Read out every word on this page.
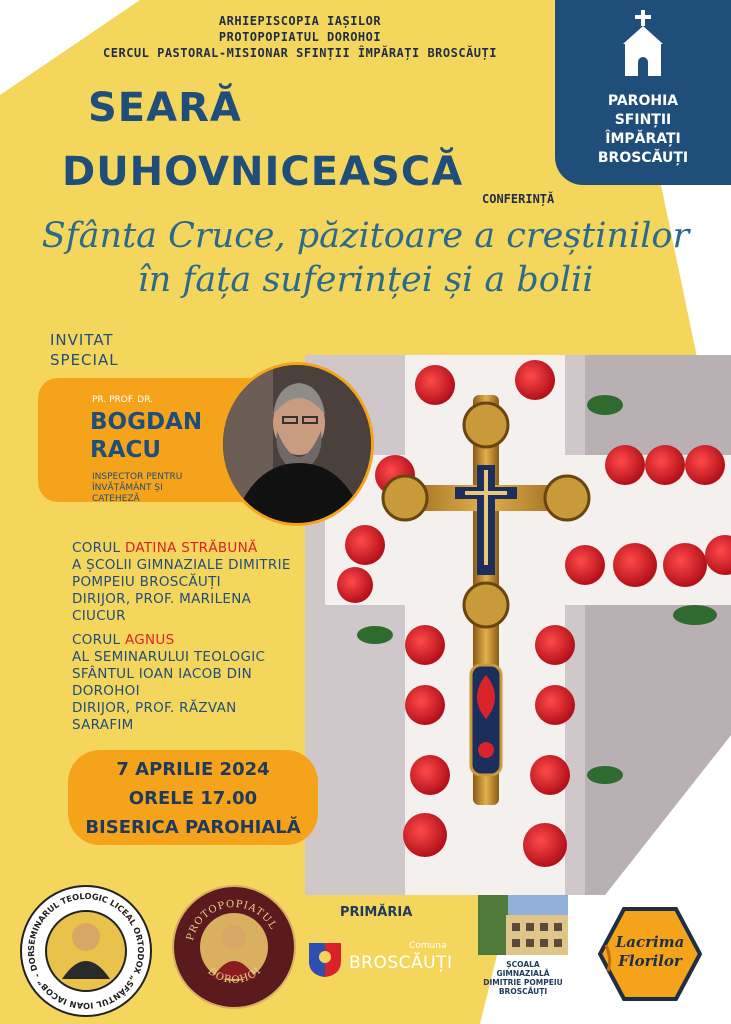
ARHIEPISCOPIA IAȘILOR
PROTOPOPIATUL DOROHOI
CERCUL PASTORAL-MISIONAR SFINȚII ÎMPĂRAȚI BROSCĂUȚI
PAROHIA
SFINȚII
ÎMPĂRAȚI
BROSCĂUȚI
SEARĂ
DUHOVNICEASCĂ
CONFERINȚĂ
Sfânta Cruce, păzitoare a creștinilor
în fața suferinței și a bolii
INVITAT
SPECIAL
PR. PROF. DR.
BOGDAN
RACU
INSPECTOR PENTRU
ÎNVĂȚĂMÂNT ȘI
CATEHEZĂ
CORUL DATINA STRĂBUNĂ
A ȘCOLII GIMNAZIALE DIMITRIE
POMPEIU BROSCĂUȚI
DIRIJOR, PROF. MARILENA
CIUCUR
CORUL AGNUS
AL SEMINARULUI TEOLOGIC
SFÂNTUL IOAN IACOB DIN
DOROHOI
DIRIJOR, PROF. RĂZVAN
SARAFIM
7 APRILIE 2024
ORELE 17.00
BISERICA PAROHIALĂ
SEMINARUL TEOLOGIC LICEAL ORTODOX „SFÂNTUL IOAN IACOB” - DOR
PROTOPOPIATUL
DOROHOI
PRIMĂRIA
Comuna
BROSCĂUȚI	ȘCOALA
GIMNAZIALĂ
DIMITRIE POMPEIU
BROSCĂUȚI
Lacrima
Florilor
